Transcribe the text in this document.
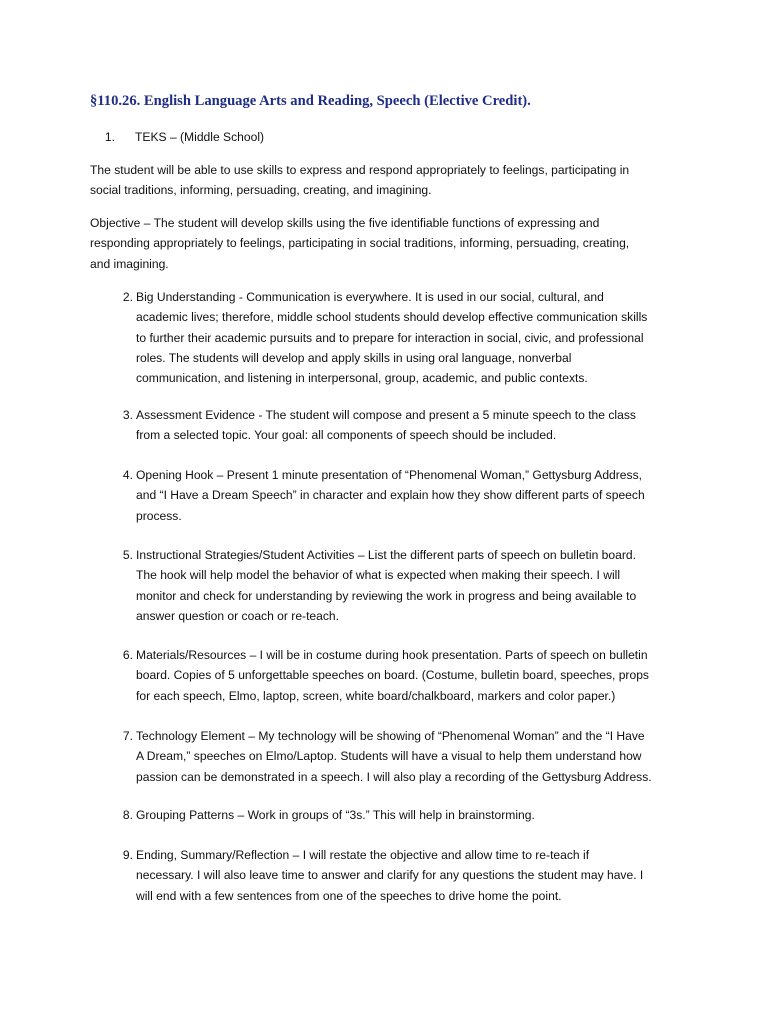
§110.26. English Language Arts and Reading, Speech (Elective Credit).
1. TEKS – (Middle School)

The student will be able to use skills to express and respond appropriately to feelings, participating in
social traditions, informing, persuading, creating, and imagining.

Objective – The student will develop skills using the five identifiable functions of expressing and
responding appropriately to feelings, participating in social traditions, informing, persuading, creating,
and imagining.

2. Big Understanding - Communication is everywhere. It is used in our social, cultural, and
academic lives; therefore, middle school students should develop effective communication skills
to further their academic pursuits and to prepare for interaction in social, civic, and professional
roles. The students will develop and apply skills in using oral language, nonverbal
communication, and listening in interpersonal, group, academic, and public contexts.
3. Assessment Evidence - The student will compose and present a 5 minute speech to the class
from a selected topic. Your goal: all components of speech should be included.
4. Opening Hook – Present 1 minute presentation of “Phenomenal Woman,” Gettysburg Address,
and “I Have a Dream Speech” in character and explain how they show different parts of speech
process.
5. Instructional Strategies/Student Activities – List the different parts of speech on bulletin board.
The hook will help model the behavior of what is expected when making their speech. I will
monitor and check for understanding by reviewing the work in progress and being available to
answer question or coach or re-teach.
6. Materials/Resources – I will be in costume during hook presentation. Parts of speech on bulletin
board. Copies of 5 unforgettable speeches on board. (Costume, bulletin board, speeches, props
for each speech, Elmo, laptop, screen, white board/chalkboard, markers and color paper.)
7. Technology Element – My technology will be showing of “Phenomenal Woman” and the “I Have
A Dream,” speeches on Elmo/Laptop. Students will have a visual to help them understand how
passion can be demonstrated in a speech. I will also play a recording of the Gettysburg Address.
8. Grouping Patterns – Work in groups of “3s.” This will help in brainstorming.
9. Ending, Summary/Reflection – I will restate the objective and allow time to re-teach if
necessary. I will also leave time to answer and clarify for any questions the student may have. I
will end with a few sentences from one of the speeches to drive home the point.
